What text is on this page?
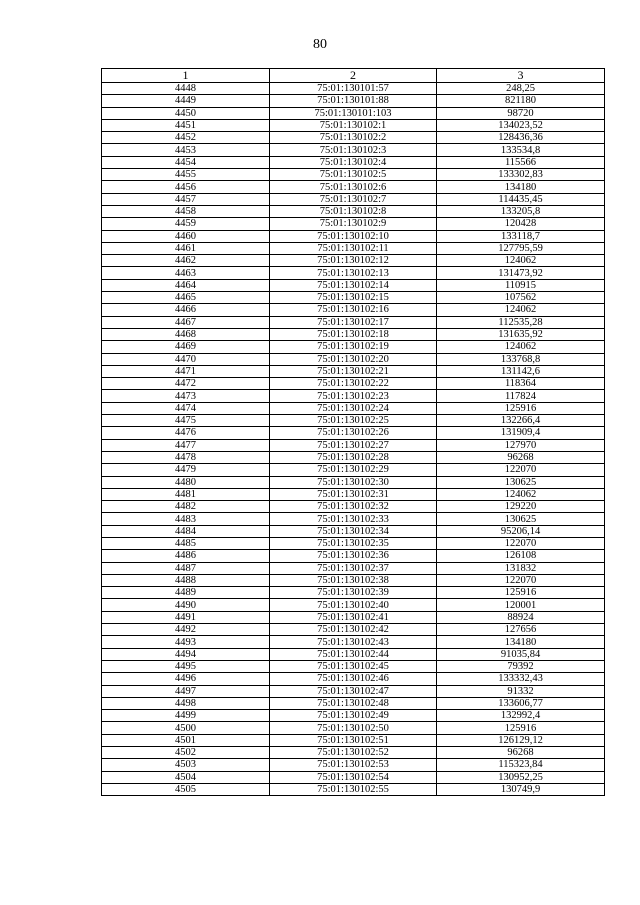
80
1	2	3
4448	75:01:130101:57	248,25
4449	75:01:130101:88	821180
4450	75:01:130101:103	98720
4451	75:01:130102:1	134023,52
4452	75:01:130102:2	128436,36
4453	75:01:130102:3	133534,8
4454	75:01:130102:4	115566
4455	75:01:130102:5	133302,83
4456	75:01:130102:6	134180
4457	75:01:130102:7	114435,45
4458	75:01:130102:8	133205,8
4459	75:01:130102:9	120428
4460	75:01:130102:10	133118,7
4461	75:01:130102:11	127795,59
4462	75:01:130102:12	124062
4463	75:01:130102:13	131473,92
4464	75:01:130102:14	110915
4465	75:01:130102:15	107562
4466	75:01:130102:16	124062
4467	75:01:130102:17	112535,28
4468	75:01:130102:18	131635,92
4469	75:01:130102:19	124062
4470	75:01:130102:20	133768,8
4471	75:01:130102:21	131142,6
4472	75:01:130102:22	118364
4473	75:01:130102:23	117824
4474	75:01:130102:24	125916
4475	75:01:130102:25	132266,4
4476	75:01:130102:26	131909,4
4477	75:01:130102:27	127970
4478	75:01:130102:28	96268
4479	75:01:130102:29	122070
4480	75:01:130102:30	130625
4481	75:01:130102:31	124062
4482	75:01:130102:32	129220
4483	75:01:130102:33	130625
4484	75:01:130102:34	95206,14
4485	75:01:130102:35	122070
4486	75:01:130102:36	126108
4487	75:01:130102:37	131832
4488	75:01:130102:38	122070
4489	75:01:130102:39	125916
4490	75:01:130102:40	120001
4491	75:01:130102:41	88924
4492	75:01:130102:42	127656
4493	75:01:130102:43	134180
4494	75:01:130102:44	91035,84
4495	75:01:130102:45	79392
4496	75:01:130102:46	133332,43
4497	75:01:130102:47	91332
4498	75:01:130102:48	133606,77
4499	75:01:130102:49	132992,4
4500	75:01:130102:50	125916
4501	75:01:130102:51	126129,12
4502	75:01:130102:52	96268
4503	75:01:130102:53	115323,84
4504	75:01:130102:54	130952,25
4505	75:01:130102:55	130749,9
